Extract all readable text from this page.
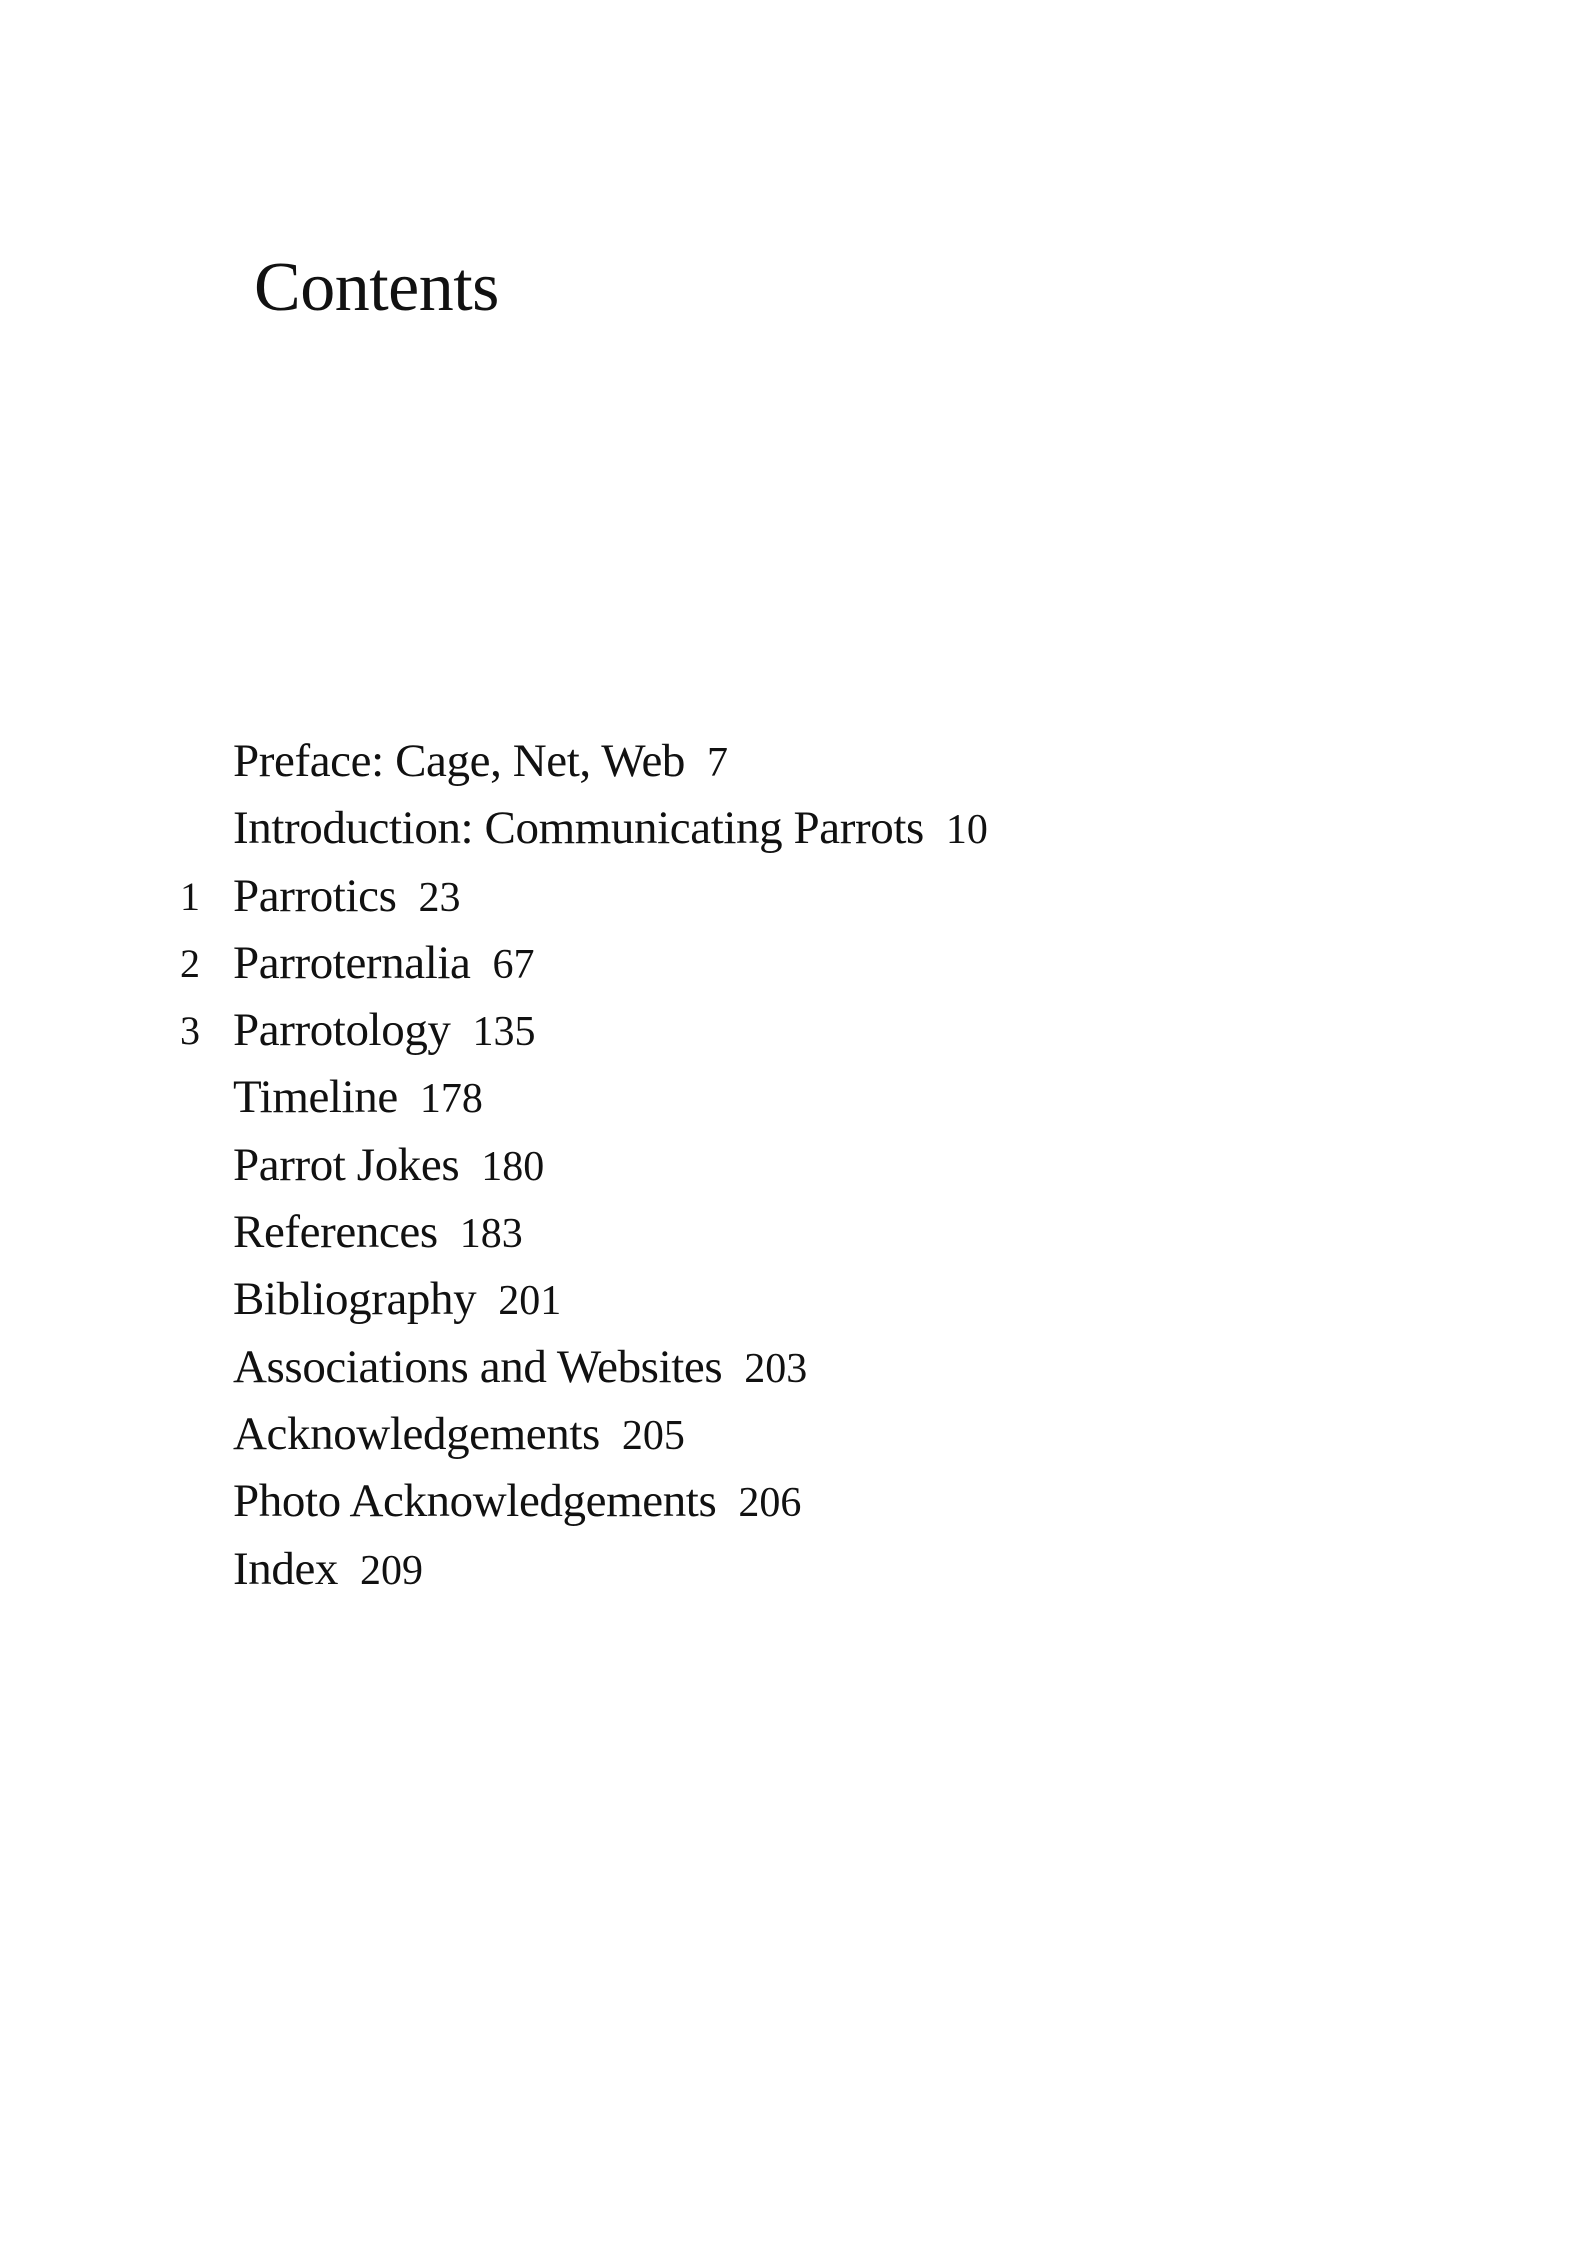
Contents
Preface: Cage, Net, Web 7
Introduction: Communicating Parrots 10
1 Parrotics 23
2 Parroternalia 67
3 Parrotology 135
Timeline 178
Parrot Jokes 180
References 183
Bibliography 201
Associations and Websites 203
Acknowledgements 205
Photo Acknowledgements 206
Index 209
